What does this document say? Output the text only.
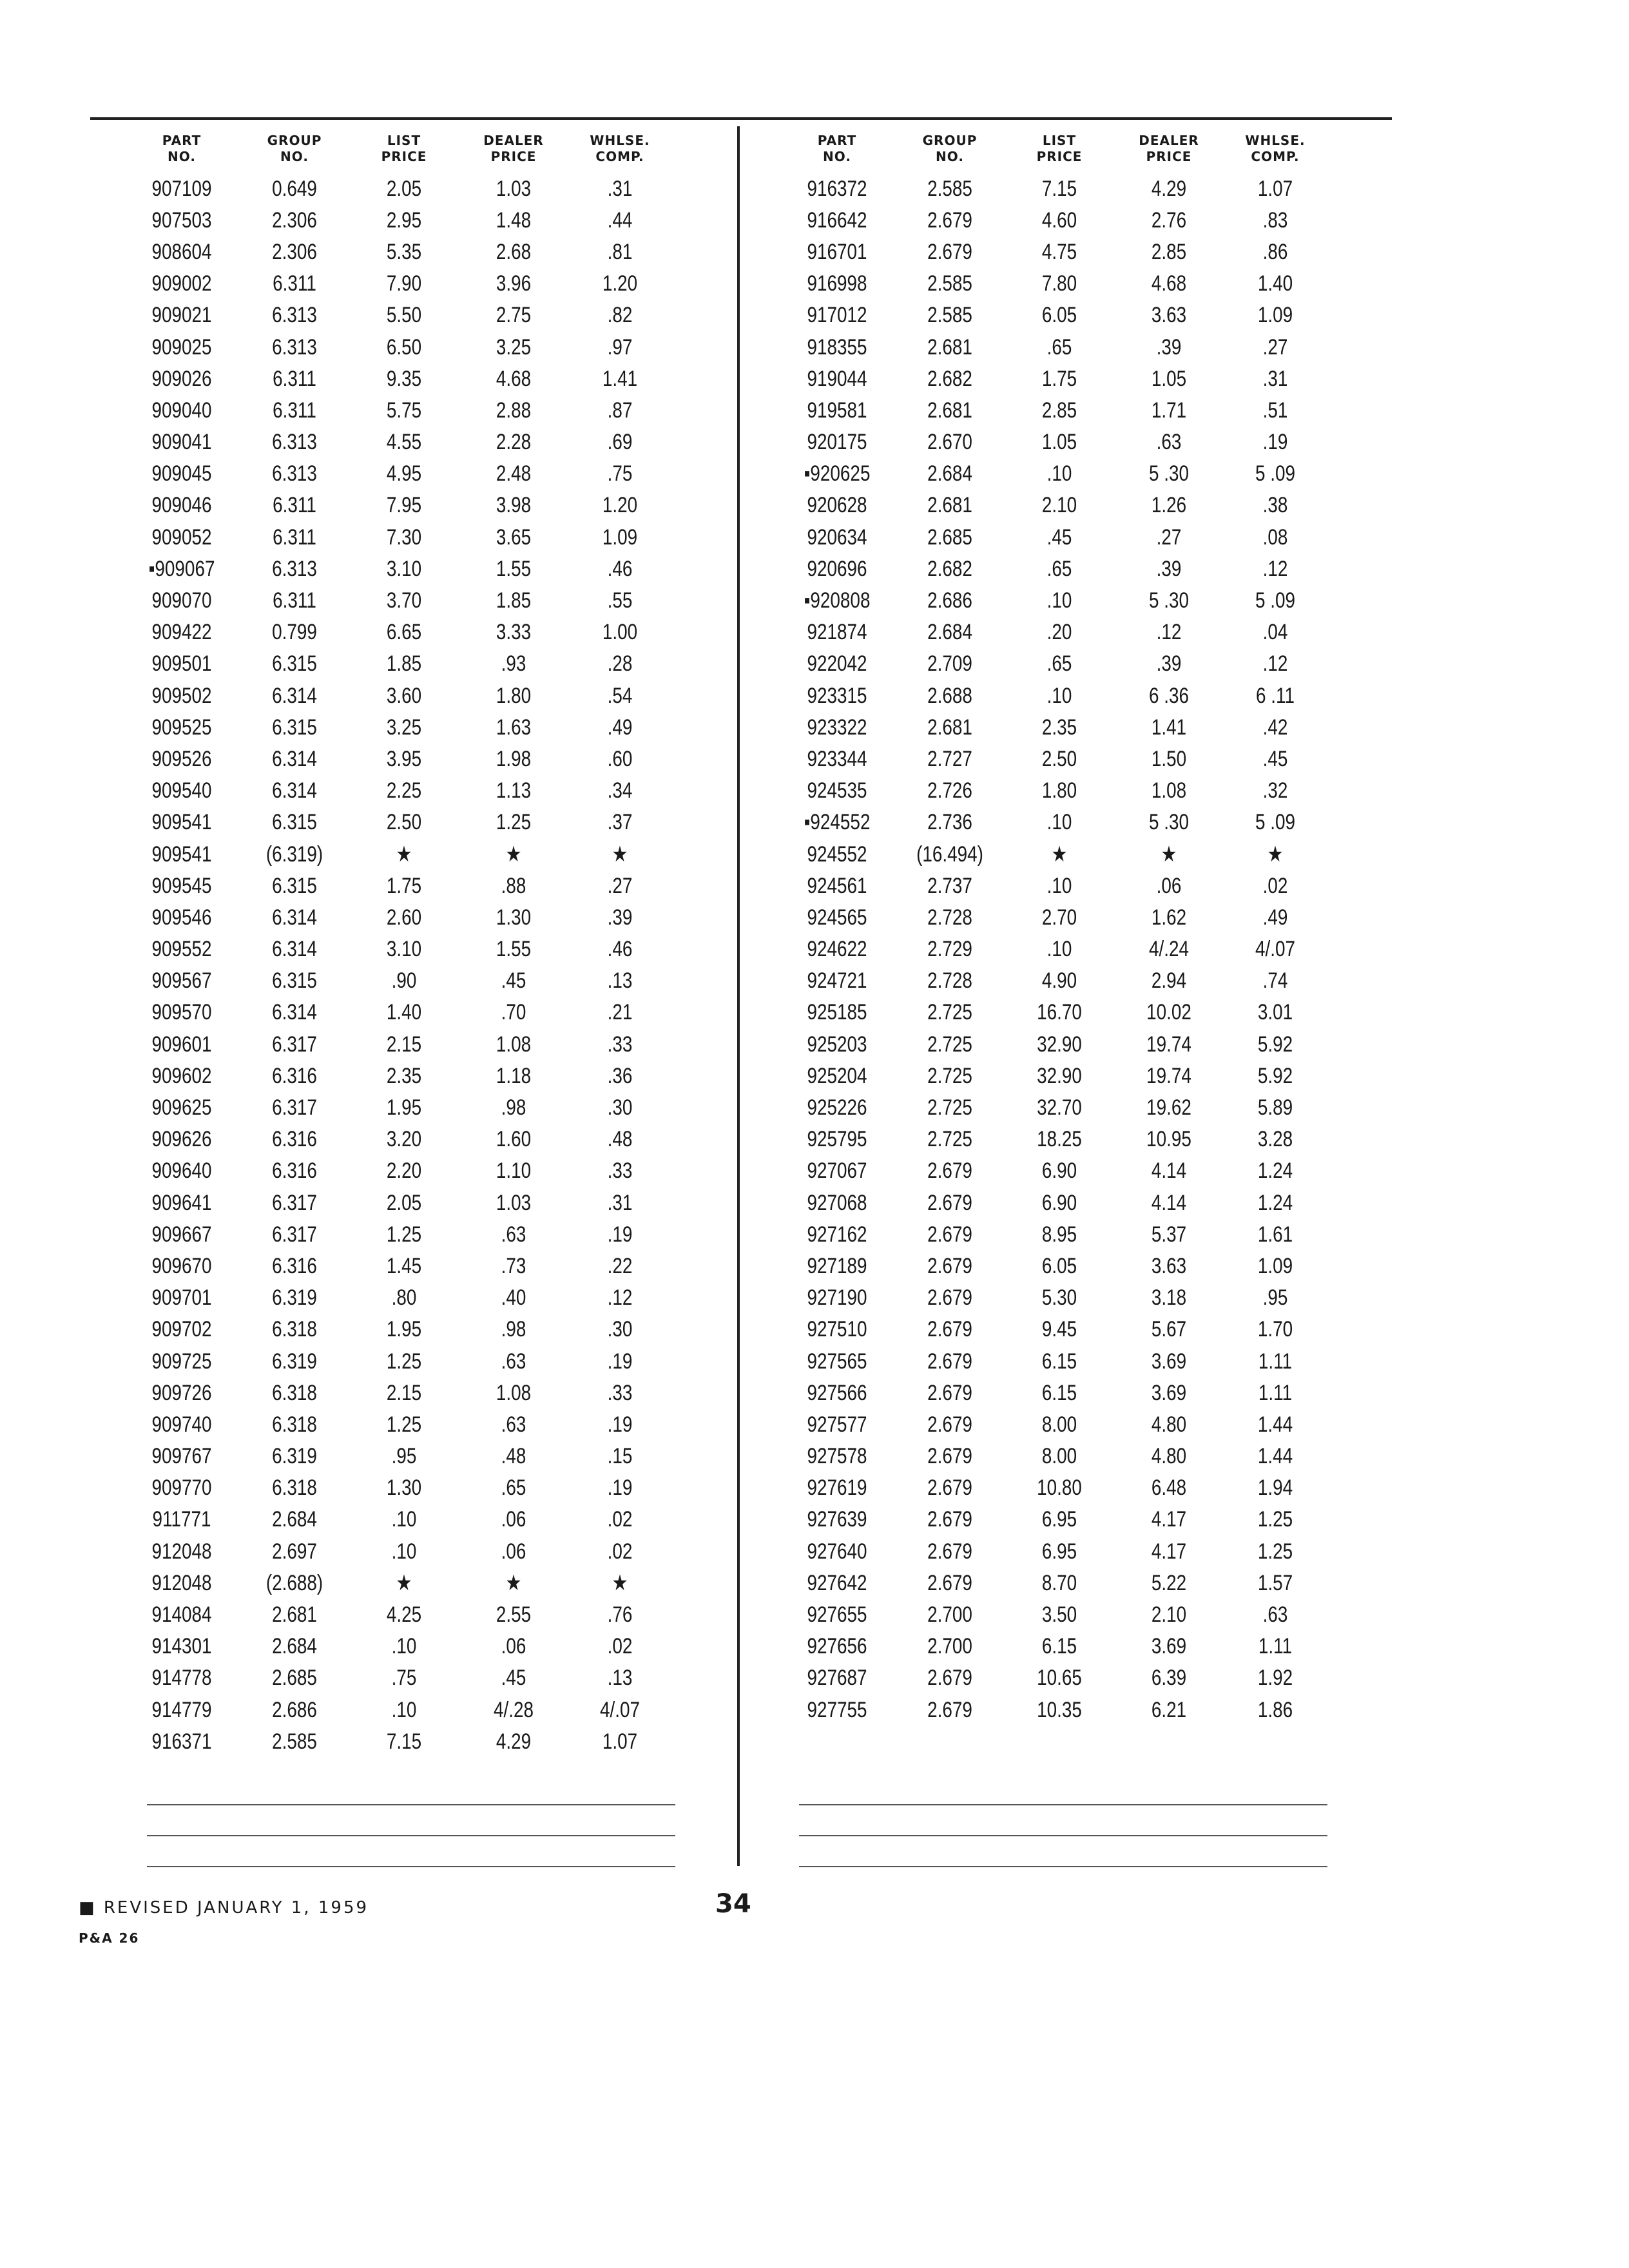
PART
NO.
GROUP
NO.
LIST
PRICE
DEALER
PRICE
WHLSE.
COMP.
907109	0.649	2.05	1.03	.31
907503	2.306	2.95	1.48	.44
908604	2.306	5.35	2.68	.81
909002	6.311	7.90	3.96	1.20
909021	6.313	5.50	2.75	.82
909025	6.313	6.50	3.25	.97
909026	6.311	9.35	4.68	1.41
909040	6.311	5.75	2.88	.87
909041	6.313	4.55	2.28	.69
909045	6.313	4.95	2.48	.75
909046	6.311	7.95	3.98	1.20
909052	6.311	7.30	3.65	1.09
▪909067	6.313	3.10	1.55	.46
909070	6.311	3.70	1.85	.55
909422	0.799	6.65	3.33	1.00
909501	6.315	1.85	.93	.28
909502	6.314	3.60	1.80	.54
909525	6.315	3.25	1.63	.49
909526	6.314	3.95	1.98	.60
909540	6.314	2.25	1.13	.34
909541	6.315	2.50	1.25	.37
909541	(6.319)	★	★	★
909545	6.315	1.75	.88	.27
909546	6.314	2.60	1.30	.39
909552	6.314	3.10	1.55	.46
909567	6.315	.90	.45	.13
909570	6.314	1.40	.70	.21
909601	6.317	2.15	1.08	.33
909602	6.316	2.35	1.18	.36
909625	6.317	1.95	.98	.30
909626	6.316	3.20	1.60	.48
909640	6.316	2.20	1.10	.33
909641	6.317	2.05	1.03	.31
909667	6.317	1.25	.63	.19
909670	6.316	1.45	.73	.22
909701	6.319	.80	.40	.12
909702	6.318	1.95	.98	.30
909725	6.319	1.25	.63	.19
909726	6.318	2.15	1.08	.33
909740	6.318	1.25	.63	.19
909767	6.319	.95	.48	.15
909770	6.318	1.30	.65	.19
911771	2.684	.10	.06	.02
912048	2.697	.10	.06	.02
912048	(2.688)	★	★	★
914084	2.681	4.25	2.55	.76
914301	2.684	.10	.06	.02
914778	2.685	.75	.45	.13
914779	2.686	.10	4/.28	4/.07
916371	2.585	7.15	4.29	1.07
PART
NO.
GROUP
NO.
LIST
PRICE
DEALER
PRICE
WHLSE.
COMP.
916372	2.585	7.15	4.29	1.07
916642	2.679	4.60	2.76	.83
916701	2.679	4.75	2.85	.86
916998	2.585	7.80	4.68	1.40
917012	2.585	6.05	3.63	1.09
918355	2.681	.65	.39	.27
919044	2.682	1.75	1.05	.31
919581	2.681	2.85	1.71	.51
920175	2.670	1.05	.63	.19
▪920625	2.684	.10	5 .30	5 .09
920628	2.681	2.10	1.26	.38
920634	2.685	.45	.27	.08
920696	2.682	.65	.39	.12
▪920808	2.686	.10	5 .30	5 .09
921874	2.684	.20	.12	.04
922042	2.709	.65	.39	.12
923315	2.688	.10	6 .36	6 .11
923322	2.681	2.35	1.41	.42
923344	2.727	2.50	1.50	.45
924535	2.726	1.80	1.08	.32
▪924552	2.736	.10	5 .30	5 .09
924552	(16.494)	★	★	★
924561	2.737	.10	.06	.02
924565	2.728	2.70	1.62	.49
924622	2.729	.10	4/.24	4/.07
924721	2.728	4.90	2.94	.74
925185	2.725	16.70	10.02	3.01
925203	2.725	32.90	19.74	5.92
925204	2.725	32.90	19.74	5.92
925226	2.725	32.70	19.62	5.89
925795	2.725	18.25	10.95	3.28
927067	2.679	6.90	4.14	1.24
927068	2.679	6.90	4.14	1.24
927162	2.679	8.95	5.37	1.61
927189	2.679	6.05	3.63	1.09
927190	2.679	5.30	3.18	.95
927510	2.679	9.45	5.67	1.70
927565	2.679	6.15	3.69	1.11
927566	2.679	6.15	3.69	1.11
927577	2.679	8.00	4.80	1.44
927578	2.679	8.00	4.80	1.44
927619	2.679	10.80	6.48	1.94
927639	2.679	6.95	4.17	1.25
927640	2.679	6.95	4.17	1.25
927642	2.679	8.70	5.22	1.57
927655	2.700	3.50	2.10	.63
927656	2.700	6.15	3.69	1.11
927687	2.679	10.65	6.39	1.92
927755	2.679	10.35	6.21	1.86
■ REVISED JANUARY 1, 1959	34
P&A 26
